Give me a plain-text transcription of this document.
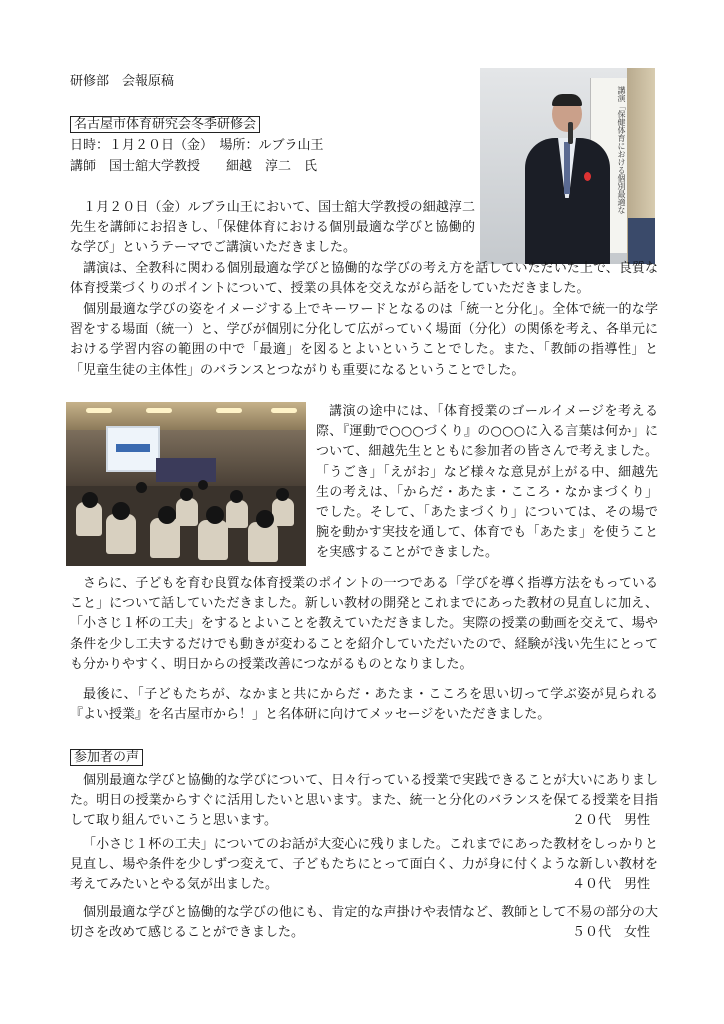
研修部　会報原稿
名古屋市体育研究会冬季研修会
日時：１月２０日（金）　場所：ルブラ山王
講師　国士舘大学教授　　細越　淳二　氏	講演「保健体育における個別最適な

１月２０日（金）ルブラ山王において、国士舘大学教授の細越淳二先生を講師にお招きし、「保健体育における個別最適な学びと協働的な学び」というテーマでご講演いただきました。

講演は、全教科に関わる個別最適な学びと協働的な学びの考え方を話していただいた上で、良質な体育授業づくりのポイントについて、授業の具体を交えながら話をしていただきました。

個別最適な学びの姿をイメージする上でキーワードとなるのは「統一と分化」。全体で統一的な学習をする場面（統一）と、学びが個別に分化して広がっていく場面（分化）の関係を考え、各単元における学習内容の範囲の中で「最適」を図るとよいということでした。また、「教師の指導性」と「児童生徒の主体性」のバランスとつながりも重要になるということでした。

講演の途中には、「体育授業のゴールイメージを考える際、『運動で○○○づくり』の○○○に入る言葉は何か」について、細越先生とともに参加者の皆さんで考えました。「うごき」「えがお」など様々な意見が上がる中、細越先生の考えは、「からだ・あたま・こころ・なかまづくり」でした。そして、「あたまづくり」については、その場で腕を動かす実技を通して、体育でも「あたま」を使うことを実感することができました。

さらに、子どもを育む良質な体育授業のポイントの一つである「学びを導く指導方法をもっていること」について話していただきました。新しい教材の開発とこれまでにあった教材の見直しに加え、「小さじ１杯の工夫」をするとよいことを教えていただきました。実際の授業の動画を交えて、場や条件を少し工夫するだけでも動きが変わることを紹介していただいたので、経験が浅い先生にとっても分かりやすく、明日からの授業改善につながるものとなりました。

最後に、「子どもたちが、なかまと共にからだ・あたま・こころを思い切って学ぶ姿が見られる『よい授業』を名古屋市から！」と名体研に向けてメッセージをいただきました。

参加者の声

個別最適な学びと協働的な学びについて、日々行っている授業で実践できることが大いにありました。明日の授業からすぐに活用したいと思います。また、統一と分化のバランスを保てる授業を目指して取り組んでいこうと思います。	２０代　男性

「小さじ１杯の工夫」についてのお話が大変心に残りました。これまでにあった教材をしっかりと見直し、場や条件を少しずつ変えて、子どもたちにとって面白く、力が身に付くような新しい教材を考えてみたいとやる気が出ました。	４０代　男性

個別最適な学びと協働的な学びの他にも、肯定的な声掛けや表情など、教師として不易の部分の大切さを改めて感じることができました。	５０代　女性
